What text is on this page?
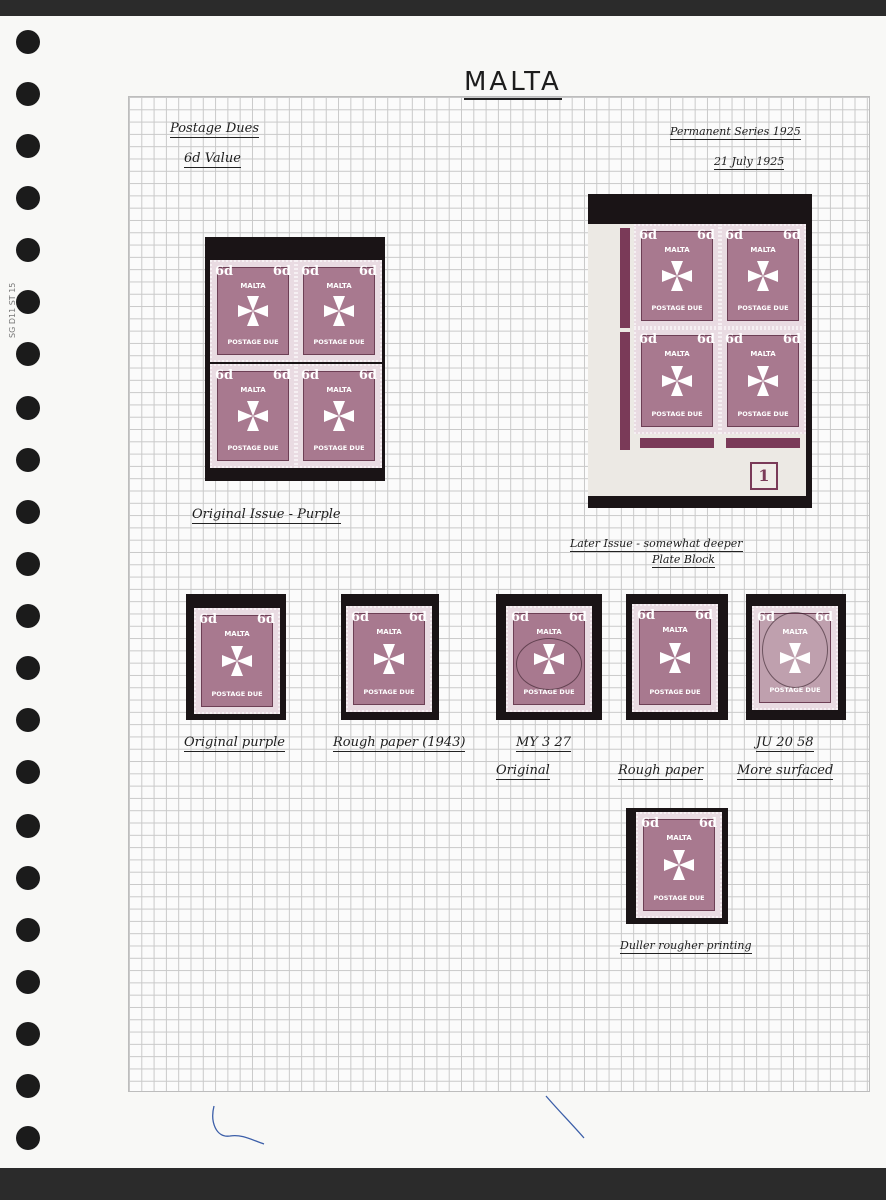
SG D11 ST 15
MALTA
Postage Dues
6d Value
Permanent Series 1925
21 July 1925
6d	6d
MALTA
POSTAGE DUE
6d	6d
MALTA
POSTAGE DUE
6d	6d
MALTA
POSTAGE DUE
6d	6d
MALTA
POSTAGE DUE
Original Issue - Purple
6d	6d
MALTA
POSTAGE DUE
6d	6d
MALTA
POSTAGE DUE
6d	6d
MALTA
POSTAGE DUE
6d	6d
MALTA
POSTAGE DUE
1
Later Issue - somewhat deeper
Plate Block
6d	6d
MALTA
POSTAGE DUE
Original purple
6d	6d
MALTA
POSTAGE DUE
Rough paper (1943)
6d	6d
MALTA
POSTAGE DUE
MY 3 27
Original
6d	6d
MALTA
POSTAGE DUE
Rough paper
6d	6d
MALTA
POSTAGE DUE
JU 20 58
More surfaced
6d	6d
MALTA
POSTAGE DUE
Duller rougher printing
